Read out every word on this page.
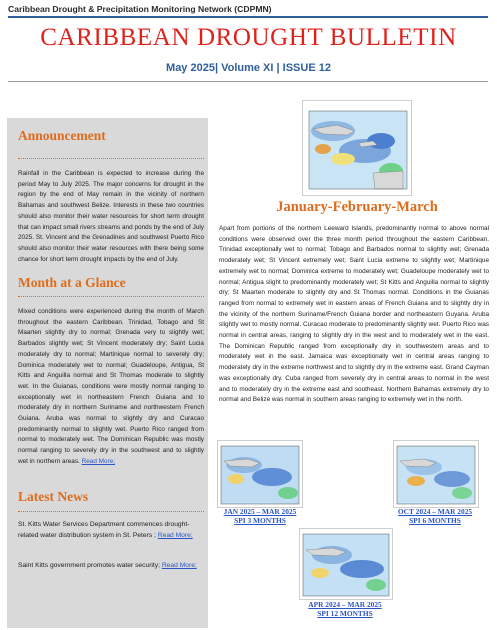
Caribbean Drought & Precipitation Monitoring Network (CDPMN)
CARIBBEAN DROUGHT BULLETIN
May 2025| Volume XI | ISSUE 12
Announcement
Rainfall in the Caribbean is expected to increase during the period May to July 2025. The major concerns for drought in the region by the end of May remain in the vicinity of northern Bahamas and southwest Belize. Interests in these two countries should also monitor their water resources for short term drought that can impact small rivers streams and ponds by the end of July 2025. St. Vincent and the Grenadines and southwest Puerto Rico should also monitor their water resources with there being some chance for short term drought impacts by the end of July.
Month at a Glance
Mixed conditions were experienced during the month of March throughout the eastern Caribbean. Trinidad, Tobago and St Maarten slightly dry to normal; Grenada very to slightly wet; Barbados slightly wet; St Vincent moderately dry; Saint Lucia moderately dry to normal; Martinique normal to severely dry; Dominica moderately wet to normal; Guadeloupe, Antigua, St Kitts and Anguilla normal and St Thomas moderate to slightly wet. In the Guianas, conditions were mostly normal ranging to exceptionally wet in northeastern French Guiana and to moderately dry in northern Suriname and northwestern French Guiana. Aruba was normal to slightly dry and Curacao predominantly normal to slightly wet. Puerto Rico ranged from normal to moderately wet. The Dominican Republic was mostly normal ranging to severely dry in the southwest and to slightly wet in northern areas. Read More;
Latest News
St. Kitts Water Services Department commences drought-related water distribution system in St. Peters ; Read More;
Saint Kitts government promotes water security; Read More;
January-February-March
Apart from portions of the northern Leeward Islands, predominantly normal to above normal conditions were observed over the three month period throughout the eastern Caribbean. Trinidad exceptionally wet to normal; Tobago and Barbados normal to slightly wet; Grenada moderately wet; St Vincent extremely wet; Saint Lucia extreme to slightly wet; Martinique extremely wet to normal; Dominica extreme to moderately wet; Guadeloupe moderately wet to normal; Antigua slight to predominantly moderately wet; St Kitts and Anguilla normal to slightly dry; St Maarten moderate to slightly dry and St Thomas normal. Conditions in the Guianas ranged from normal to extremely wet in eastern areas of French Guiana and to slightly dry in the vicinity of the northern Suriname/French Guiana border and northeastern Guyana. Aruba slightly wet to mostly normal. Curacao moderate to predominantly slightly wet. Puerto Rico was normal in central areas, ranging to slightly dry in the west and to moderately wet in the east. The Dominican Republic ranged from exceptionally dry in southwestern areas and to moderately wet in the east. Jamaica was exceptionally wet in central areas ranging to moderately dry in the extreme northwest and to slightly dry in the extreme east. Grand Cayman was exceptionally dry. Cuba ranged from severely dry in central areas to normal in the west and to moderately dry in the extreme east and southeast. Northern Bahamas extremely dry to normal and Belize was normal in southern areas ranging to extremely wet in the north.
JAN 2025 – MAR 2025
SPI 3 MONTHS
OCT 2024 – MAR 2025
SPI 6 MONTHS
APR 2024 – MAR 2025
SPI 12 MONTHS
